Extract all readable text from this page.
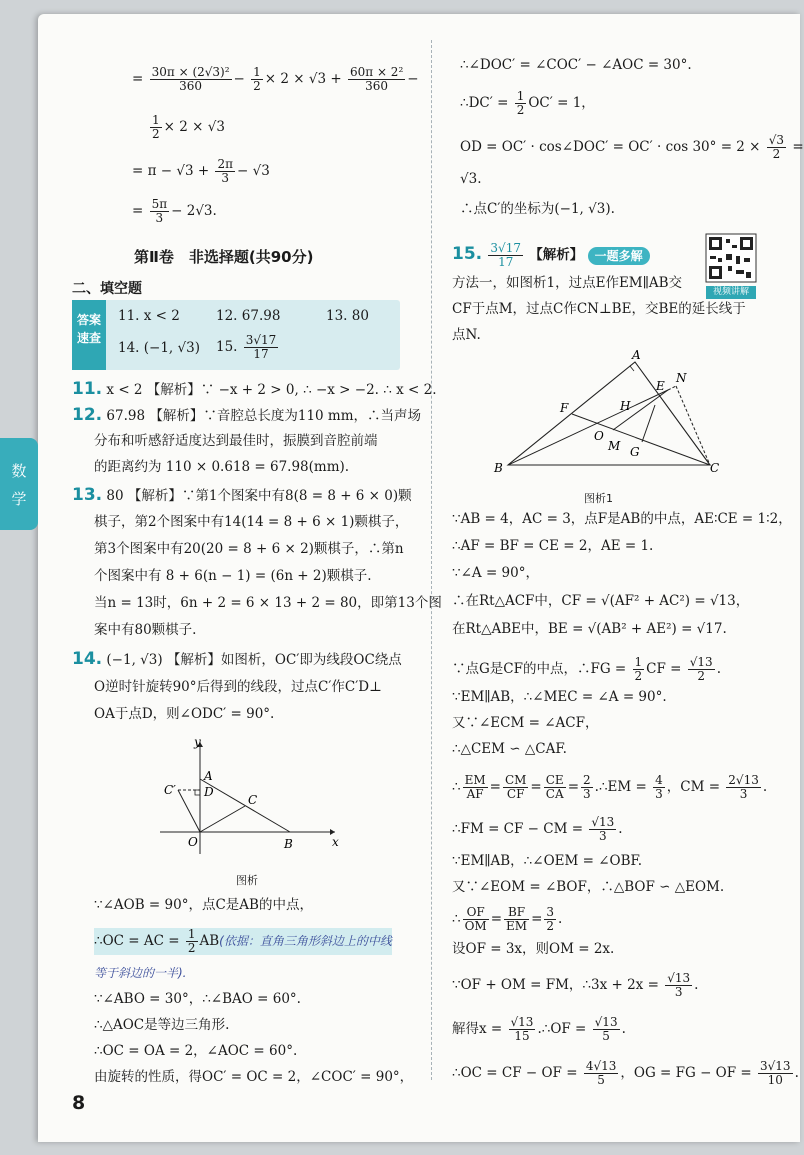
数
学
= $\frac{\text{30π × (2√3)²}}{360} - \frac{1}{2} \times 2 \times √3 + \frac{\text{60π × 2²}}{360}$ −
$\frac{1}{2} \times 2 \times √3$
= $\pi - √3 + \frac{2\pi}{3} - √3$
= $\frac{5\pi}{3} - 2√3$.
第Ⅱ卷　非选择题(共90分)
二、填空题
答案
速查
11. x < 2	12. 67.98	13. 80
14. (−1, √3) 15. $\frac{3√17}{17}$
11. x < 2 【解析】∵ −x + 2 > 0, ∴ −x > −2. ∴ x < 2.
12. 67.98 【解析】∵音腔总长度为110 mm，∴当声场
分布和听感舒适度达到最佳时，振膜到音腔前端
的距离约为 110 × 0.618 = 67.98(mm).
13. 80 【解析】∵第1个图案中有8(8 = 8 + 6 × 0)颗
棋子，第2个图案中有14(14 = 8 + 6 × 1)颗棋子，
第3个图案中有20(20 = 8 + 6 × 2)颗棋子，∴第n
个图案中有 8 + 6(n − 1) = (6n + 2)颗棋子.
当n = 13时，6n + 2 = 6 × 13 + 2 = 80，即第13个图
案中有80颗棋子.
14. (−1, √3) 【解析】如图析，OC′即为线段OC绕点
O逆时针旋转90°后得到的线段，过点C′作C′D⊥
OA于点D，则∠ODC′ = 90°.
y
A
D
C′
C
O	B	x
图析
∵∠AOB = 90°，点C是AB的中点，
∴OC = AC = $\frac{1}{2} AB$(依据：直角三角形斜边上的中线
等于斜边的一半).
∵∠ABO = 30°，∴∠BAO = 60°.
∴△AOC是等边三角形.
∴OC = OA = 2，∠AOC = 60°.
由旋转的性质，得OC′ = OC = 2，∠COC′ = 90°，
8
∴∠DOC′ = ∠COC′ − ∠AOC = 30°.
∴DC′ = $\frac{1}{2} OC' = 1$，
OD = OC′ · cos∠DOC′ = $OC' \cdot \cos 30^\circ = 2 \times \frac{√3}{2}$ =
√3.
∴点C′的坐标为(−1, √3).
15. $\frac{3√17}{17}$ 【解析】 一题多解
视频讲解
方法一，如图析1，过点E作EM∥AB交
CF于点M，过点C作CN⊥BE，交BE的延长线于
点N.
A
N
E
F	H
O
M G
B	C
图析1
∵AB = 4，AC = 3，点F是AB的中点，AE∶CE = 1∶2，
∴AF = BF = CE = 2，AE = 1.
∵∠A = 90°，
∴在Rt△ACF中，CF = √(AF² + AC²) = √13，
在Rt△ABE中，BE = √(AB² + AE²) = √17.
∵点G是CF的中点，∴FG = $\frac{1}{2}$ CF = $\frac{√13}{2}$ .
∵EM∥AB，∴∠MEC = ∠A = 90°.
又∵∠ECM = ∠ACF，
∴△CEM ∽ △CAF.
∴ $\frac{EM}{AF} = \frac{CM}{CF} = \frac{CE}{CA} = \frac{2}{3}$ .∴EM = $\frac{4}{3}$ ，CM = $\frac{2√13}{3}$ .
∴FM = CF − CM = $\frac{√13}{3}$ .
∵EM∥AB，∴∠OEM = ∠OBF.
又∵∠EOM = ∠BOF，∴△BOF ∽ △EOM.
∴ $\frac{OF}{OM} = \frac{BF}{EM} = \frac{3}{2}$ .
设OF = 3x，则OM = 2x.
∵OF + OM = FM，∴3x + $2x = \frac{√13}{3}$ .
解得$x = \frac{√13}{15}$ .∴OF = $\frac{√13}{5}$ .
∴OC = CF − OF = $\frac{4√13}{5}$ ，OG = FG − OF = $\frac{3√13}{10}$ .
